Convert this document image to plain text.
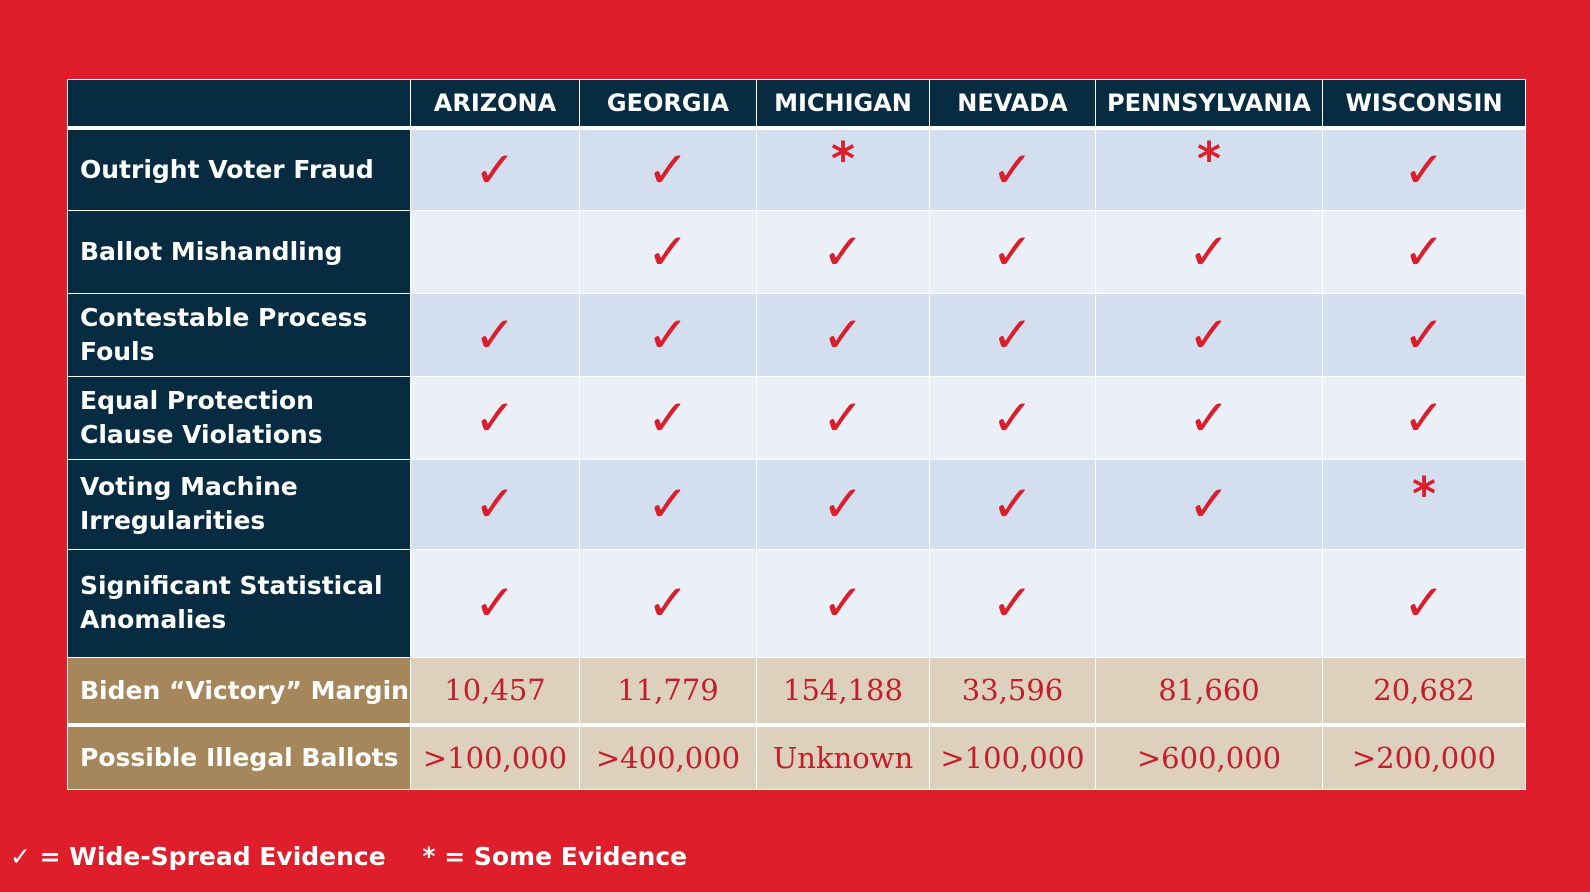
	ARIZONA	GEORGIA	MICHIGAN	NEVADA	PENNSYLVANIA	WISCONSIN
Outright Voter Fraud	✓	✓	*	✓	*	✓
Ballot Mishandling		✓	✓	✓	✓	✓
Contestable Process Fouls	✓	✓	✓	✓	✓	✓
Equal Protection Clause Violations	✓	✓	✓	✓	✓	✓
Voting Machine Irregularities	✓	✓	✓	✓	✓	*
Significant Statistical Anomalies	✓	✓	✓	✓		✓
Biden “Victory” Margin	10,457	11,779	154,188	33,596	81,660	20,682
Possible Illegal Ballots	>100,000	>400,000	Unknown	>100,000	>600,000	>200,000
✓ = Wide-Spread Evidence * = Some Evidence
